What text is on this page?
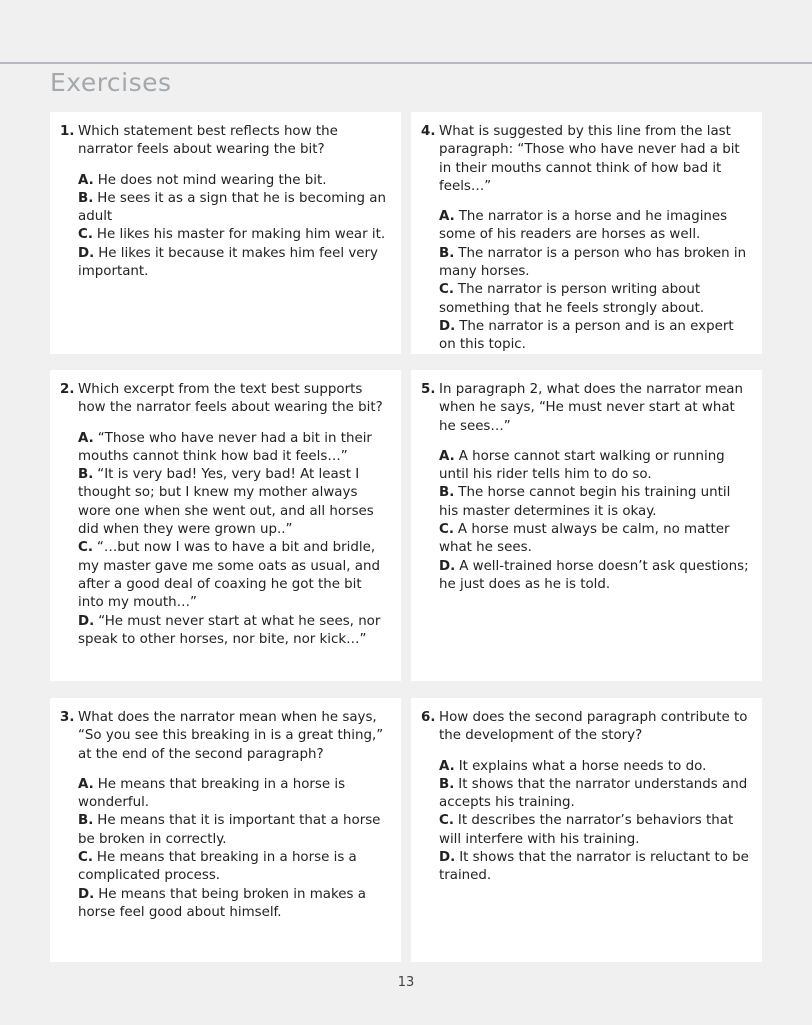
Exercises
1. Which statement best reflects how the narrator feels about wearing the bit?
A. He does not mind wearing the bit.
B. He sees it as a sign that he is becoming an adult
C. He likes his master for making him wear it.
D. He likes it because it makes him feel very important.
4. What is suggested by this line from the last paragraph: “Those who have never had a bit in their mouths cannot think of how bad it feels…”
A. The narrator is a horse and he imagines some of his readers are horses as well.
B. The narrator is a person who has broken in many horses.
C. The narrator is person writing about something that he feels strongly about.
D. The narrator is a person and is an expert on this topic.
2. Which excerpt from the text best supports how the narrator feels about wearing the bit?
A. “Those who have never had a bit in their mouths cannot think how bad it feels…”
B. “It is very bad! Yes, very bad! At least I thought so; but I knew my mother always wore one when she went out, and all horses did when they were grown up..”
C. “…but now I was to have a bit and bridle, my master gave me some oats as usual, and after a good deal of coaxing he got the bit into my mouth…”
D. “He must never start at what he sees, nor speak to other horses, nor bite, nor kick…”
5. In paragraph 2, what does the narrator mean when he says, “He must never start at what he sees…”
A. A horse cannot start walking or running until his rider tells him to do so.
B. The horse cannot begin his training until his master determines it is okay.
C. A horse must always be calm, no matter what he sees.
D. A well-trained horse doesn’t ask questions; he just does as he is told.
3. What does the narrator mean when he says, “So you see this breaking in is a great thing,” at the end of the second paragraph?
A. He means that breaking in a horse is wonderful.
B. He means that it is important that a horse be broken in correctly.
C. He means that breaking in a horse is a complicated process.
D. He means that being broken in makes a horse feel good about himself.
6. How does the second paragraph contribute to the development of the story?
A. It explains what a horse needs to do.
B. It shows that the narrator understands and accepts his training.
C. It describes the narrator’s behaviors that will interfere with his training.
D. It shows that the narrator is reluctant to be trained.
13
